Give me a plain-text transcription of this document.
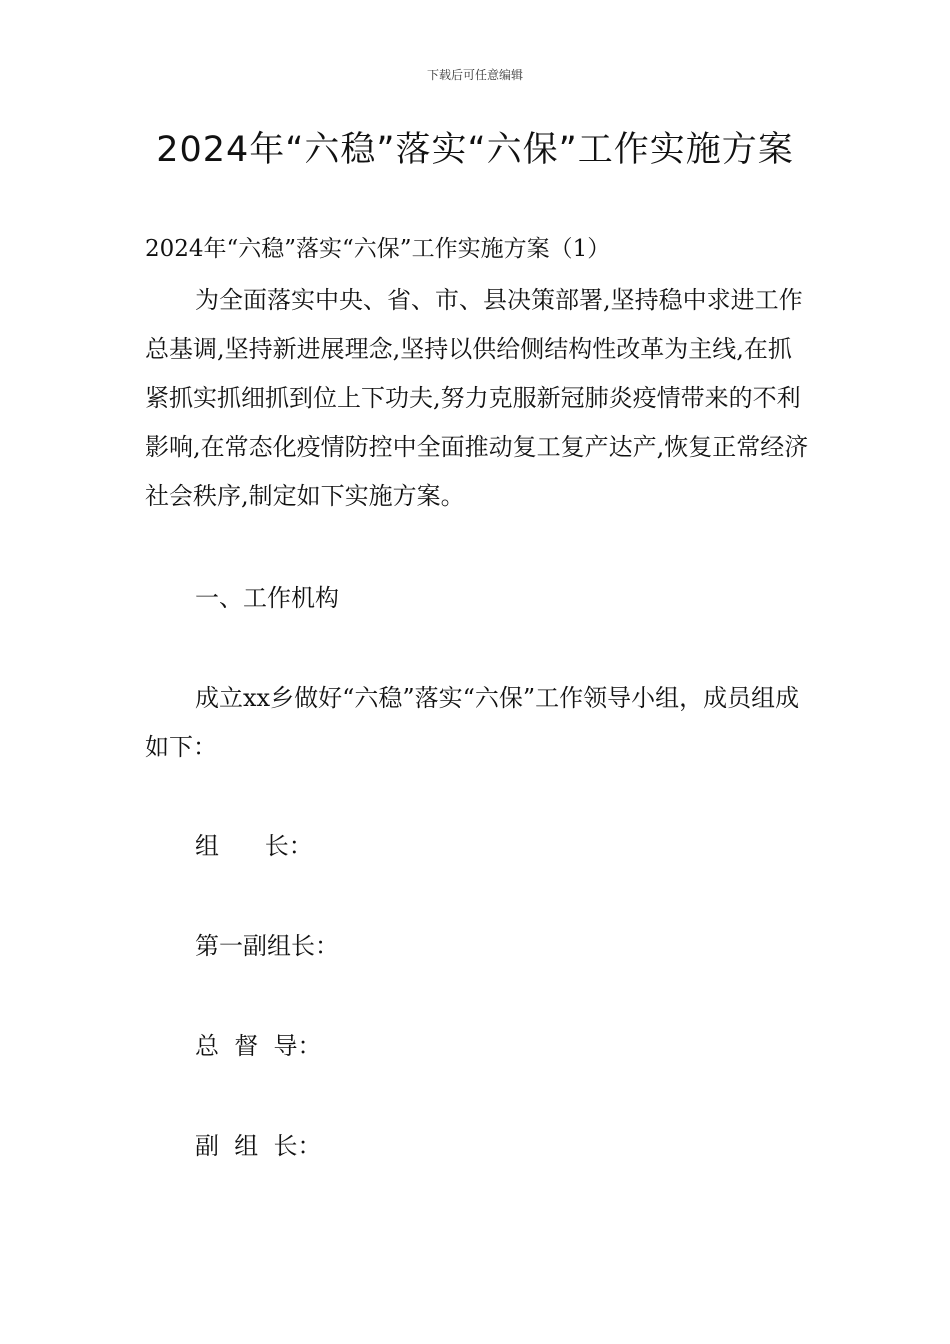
下载后可任意编辑
2024年“六稳”落实“六保”工作实施方案
2024年“六稳”落实“六保”工作实施方案（1）

为全面落实中央、省、市、县决策部署,坚持稳中求进工作总基调,坚持新进展理念,坚持以供给侧结构性改革为主线,在抓紧抓实抓细抓到位上下功夫,努力克服新冠肺炎疫情带来的不利影响,在常态化疫情防控中全面推动复工复产达产,恢复正常经济社会秩序,制定如下实施方案。

一、工作机构

成立xx乡做好“六稳”落实“六保”工作领导小组，成员组成如下：

组      长：
第一副组长：
总  督  导：
副  组  长：
